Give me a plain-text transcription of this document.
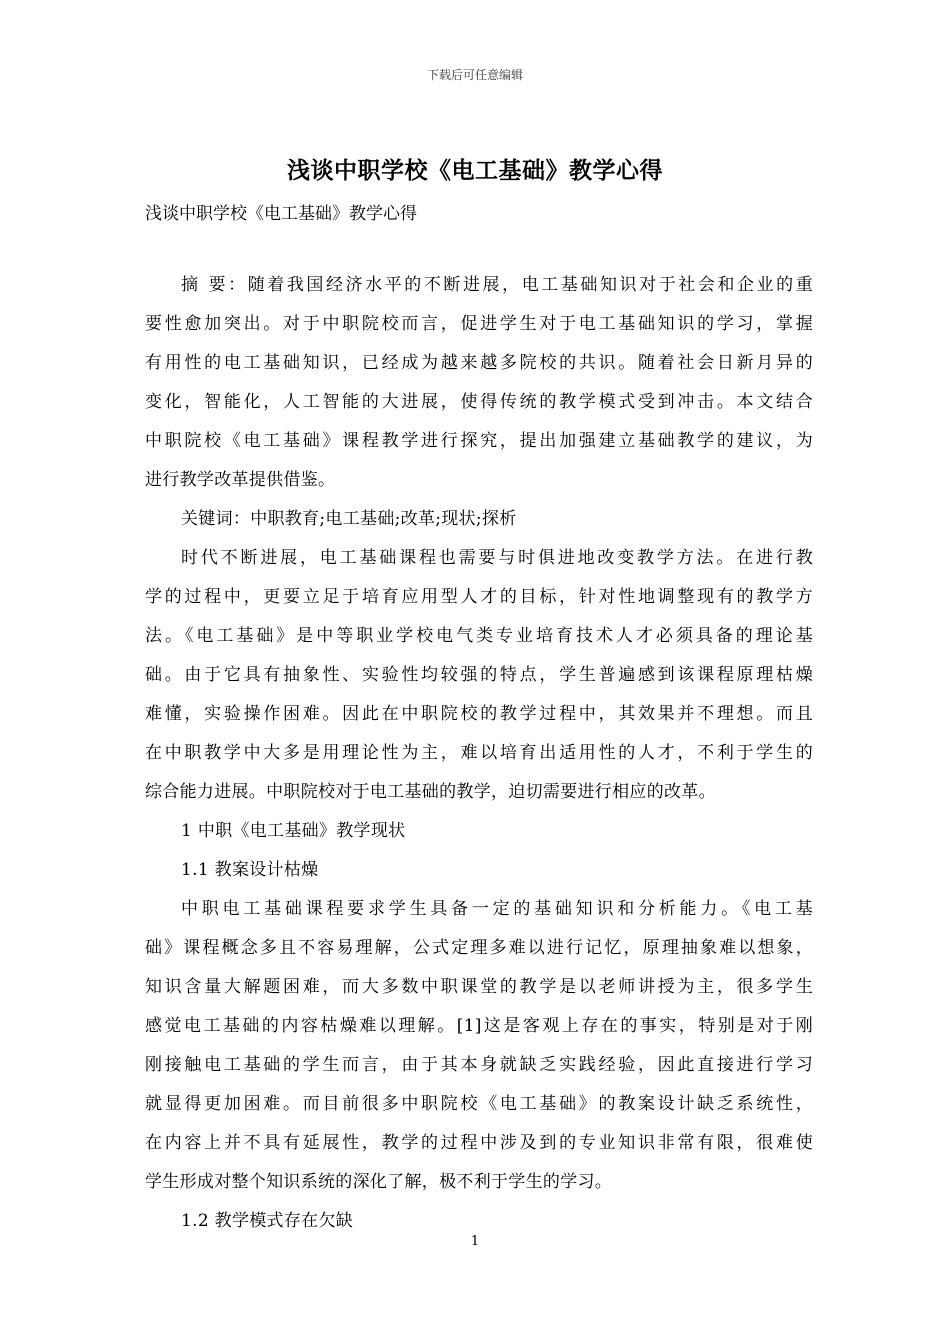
下载后可任意编辑
浅谈中职学校《电工基础》教学心得
浅谈中职学校《电工基础》教学心得
摘 要：随着我国经济水平的不断进展，电工基础知识对于社会和企业的重
要性愈加突出。对于中职院校而言，促进学生对于电工基础知识的学习，掌握
有用性的电工基础知识，已经成为越来越多院校的共识。随着社会日新月异的
变化，智能化，人工智能的大进展，使得传统的教学模式受到冲击。本文结合
中职院校《电工基础》课程教学进行探究，提出加强建立基础教学的建议，为
进行教学改革提供借鉴。
关键词：中职教育;电工基础;改革;现状;探析
时代不断进展，电工基础课程也需要与时俱进地改变教学方法。在进行教
学的过程中，更要立足于培育应用型人才的目标，针对性地调整现有的教学方
法。《电工基础》是中等职业学校电气类专业培育技术人才必须具备的理论基
础。由于它具有抽象性、实验性均较强的特点，学生普遍感到该课程原理枯燥
难懂，实验操作困难。因此在中职院校的教学过程中，其效果并不理想。而且
在中职教学中大多是用理论性为主，难以培育出适用性的人才，不利于学生的
综合能力进展。中职院校对于电工基础的教学，迫切需要进行相应的改革。
1 中职《电工基础》教学现状
1.1 教案设计枯燥
中职电工基础课程要求学生具备一定的基础知识和分析能力。《电工基
础》课程概念多且不容易理解，公式定理多难以进行记忆，原理抽象难以想象，
知识含量大解题困难，而大多数中职课堂的教学是以老师讲授为主，很多学生
感觉电工基础的内容枯燥难以理解。[1]这是客观上存在的事实，特别是对于刚
刚接触电工基础的学生而言，由于其本身就缺乏实践经验，因此直接进行学习
就显得更加困难。而目前很多中职院校《电工基础》的教案设计缺乏系统性，
在内容上并不具有延展性，教学的过程中涉及到的专业知识非常有限，很难使
学生形成对整个知识系统的深化了解，极不利于学生的学习。
1.2 教学模式存在欠缺
1
